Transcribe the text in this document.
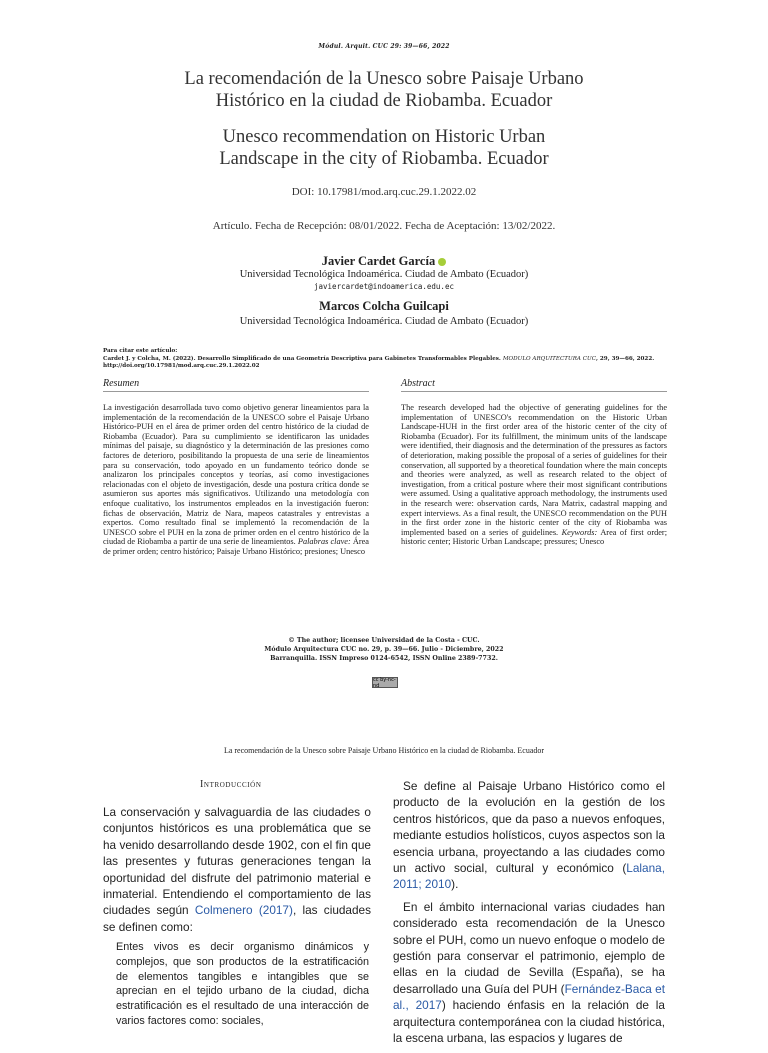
Módul. Arquit. CUC 29: 39—66, 2022
La recomendación de la Unesco sobre Paisaje Urbano
Histórico en la ciudad de Riobamba. Ecuador
Unesco recommendation on Historic Urban
Landscape in the city of Riobamba. Ecuador
DOI: 10.17981/mod.arq.cuc.29.1.2022.02
Artículo. Fecha de Recepción: 08/01/2022. Fecha de Aceptación: 13/02/2022.
Javier Cardet García
Universidad Tecnológica Indoamérica. Ciudad de Ambato (Ecuador)
javiercardet@indoamerica.edu.ec
Marcos Colcha Guilcapi
Universidad Tecnológica Indoamérica. Ciudad de Ambato (Ecuador)
Para citar este artículo:
Cardet J. y Colcha, M. (2022). Desarrollo Simplificado de una Geometría Descriptiva para Gabinetes Transformables Plegables. MODULO ARQUITECTURA CUC, 29, 39—66, 2022. http://doi.org/10.17981/mod.arq.cuc.29.1.2022.02
Resumen
La investigación desarrollada tuvo como objetivo generar lineamientos para la implementación de la recomendación de la UNESCO sobre el Paisaje Urbano Histórico-PUH en el área de primer orden del centro histórico de la ciudad de Riobamba (Ecuador). Para su cumplimiento se identificaron las unidades mínimas del paisaje, su diagnóstico y la determinación de las presiones como factores de deterioro, posibilitando la propuesta de una serie de lineamientos para su conservación, todo apoyado en un fundamento teórico donde se analizaron los principales conceptos y teorías, así como investigaciones relacionadas con el objeto de investigación, desde una postura crítica donde se asumieron sus aportes más significativos. Utilizando una metodología con enfoque cualitativo, los instrumentos empleados en la investigación fueron: fichas de observación, Matriz de Nara, mapeos catastrales y entrevistas a expertos. Como resultado final se implementó la recomendación de la UNESCO sobre el PUH en la zona de primer orden en el centro histórico de la ciudad de Riobamba a partir de una serie de lineamientos. Palabras clave: Área de primer orden; centro histórico; Paisaje Urbano Histórico; presiones; Unesco
Abstract
The research developed had the objective of generating guidelines for the implementation of UNESCO's recommendation on the Historic Urban Landscape-HUH in the first order area of the historic center of the city of Riobamba (Ecuador). For its fulfillment, the minimum units of the landscape were identified, their diagnosis and the determination of the pressures as factors of deterioration, making possible the proposal of a series of guidelines for their conservation, all supported by a theoretical foundation where the main concepts and theories were analyzed, as well as research related to the object of investigation, from a critical posture where their most significant contributions were assumed. Using a qualitative approach methodology, the instruments used in the research were: observation cards, Nara Matrix, cadastral mapping and expert interviews. As a final result, the UNESCO recommendation on the PUH in the first order zone in the historic center of the city of Riobamba was implemented based on a series of guidelines. Keywords: Area of first order; historic center; Historic Urban Landscape; pressures; Unesco
© The author; licensee Universidad de la Costa - CUC.
Módulo Arquitectura CUC no. 29, p. 39—66. Julio - Diciembre, 2022
Barranquilla. ISSN Impreso 0124-6542, ISSN Online 2389-7732.
cc by-nc-nd
La recomendación de la Unesco sobre Paisaje Urbano Histórico en la ciudad de Riobamba. Ecuador
Introducción

La conservación y salvaguardia de las ciudades o conjuntos históricos es una problemática que se ha venido desarrollando desde 1902, con el fin que las presentes y futuras generaciones tengan la oportunidad del disfrute del patrimonio material e inmaterial. Entendiendo el comportamiento de las ciudades según Colmenero (2017), las ciudades se definen como:

Entes vivos es decir organismo dinámicos y complejos, que son productos de la estratificación de elementos tangibles e intangibles que se aprecian en el tejido urbano de la ciudad, dicha estratificación es el resultado de una interacción de varios factores como: sociales,

Se define al Paisaje Urbano Histórico como el producto de la evolución en la gestión de los centros históricos, que da paso a nuevos enfoques, mediante estudios holísticos, cuyos aspectos son la esencia urbana, proyectando a las ciudades como un activo social, cultural y económico (Lalana, 2011; 2010).

En el ámbito internacional varias ciudades han considerado esta recomendación de la Unesco sobre el PUH, como un nuevo enfoque o modelo de gestión para conservar el patrimonio, ejemplo de ellas en la ciudad de Sevilla (España), se ha desarrollado una Guía del PUH (Fernández-Baca et al., 2017) haciendo énfasis en la relación de la arquitectura contemporánea con la ciudad histórica, la escena urbana, las espacios y lugares de
